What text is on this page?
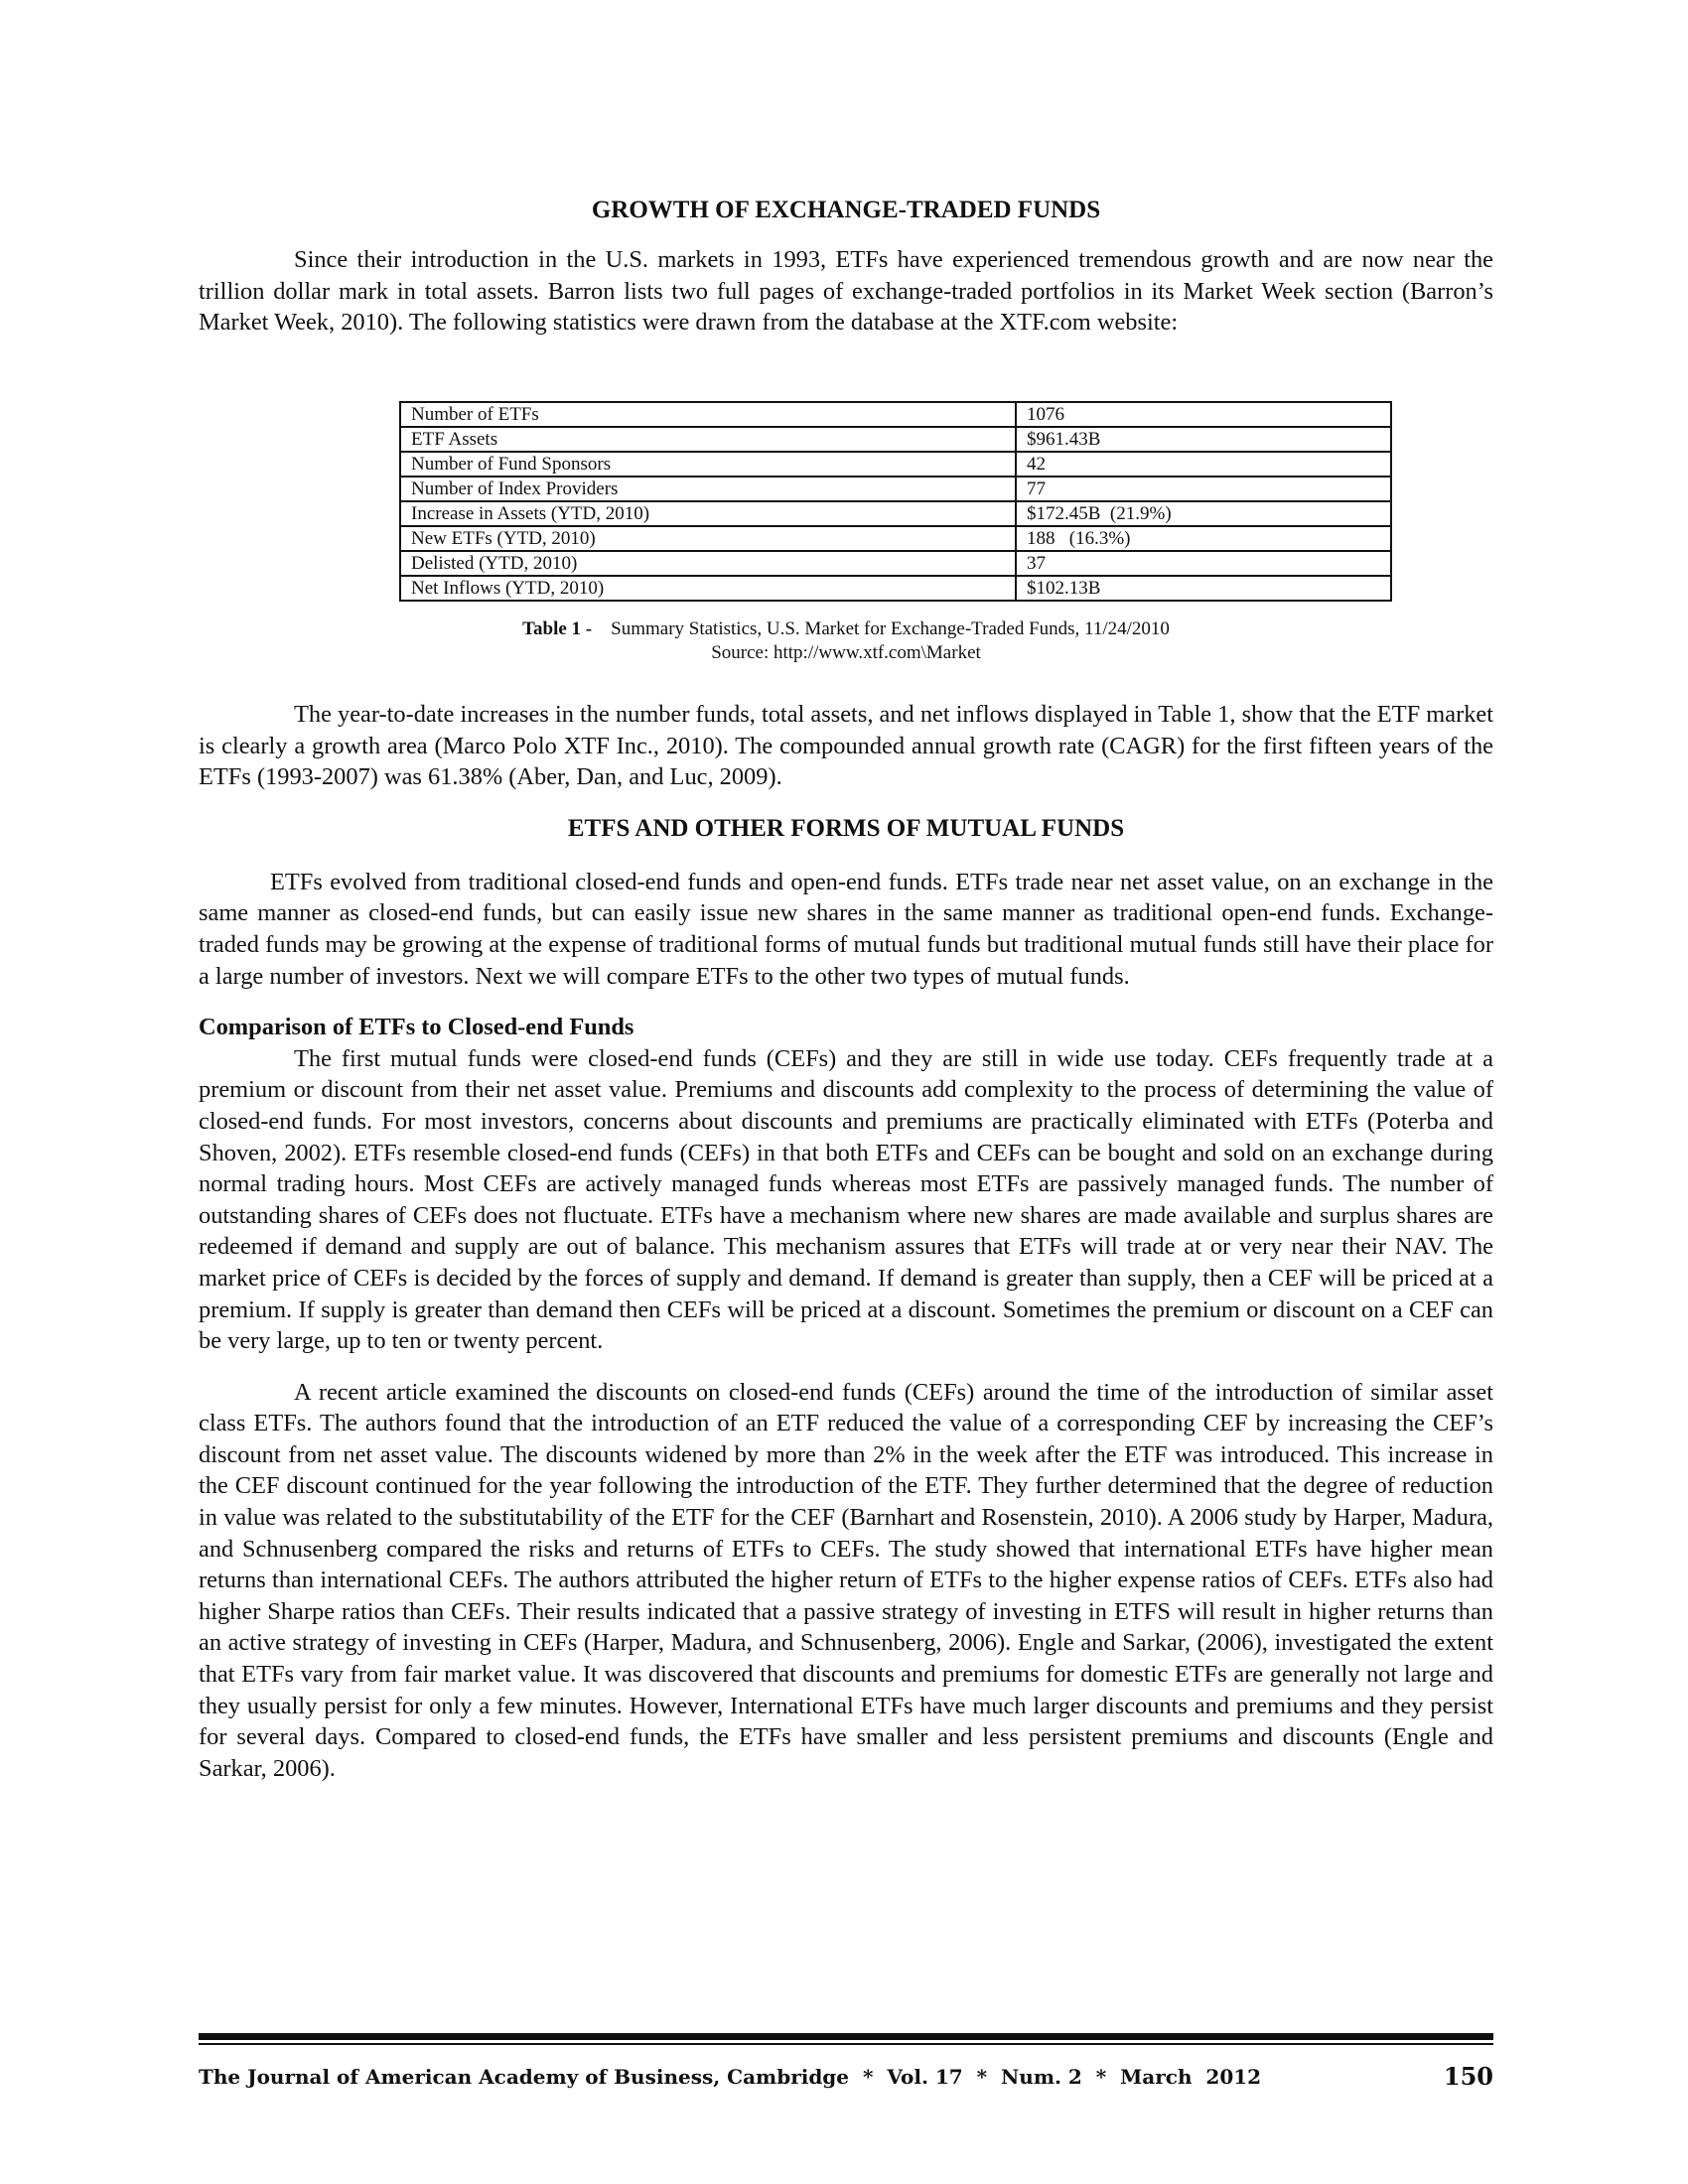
GROWTH OF EXCHANGE-TRADED FUNDS

Since their introduction in the U.S. markets in 1993, ETFs have experienced tremendous growth and are now near the trillion dollar mark in total assets. Barron lists two full pages of exchange-traded portfolios in its Market Week section (Barron’s Market Week, 2010). The following statistics were drawn from the database at the XTF.com website:

Number of ETFs	1076
ETF Assets	$961.43B
Number of Fund Sponsors	42
Number of Index Providers	77
Increase in Assets (YTD, 2010)	$172.45B  (21.9%)
New ETFs (YTD, 2010)	188   (16.3%)
Delisted (YTD, 2010)	37
Net Inflows (YTD, 2010)	$102.13B
Table 1 - Summary Statistics, U.S. Market for Exchange-Traded Funds, 11/24/2010
Source: http://www.xtf.com\Market

The year-to-date increases in the number funds, total assets, and net inflows displayed in Table 1, show that the ETF market is clearly a growth area (Marco Polo XTF Inc., 2010). The compounded annual growth rate (CAGR) for the first fifteen years of the ETFs (1993-2007) was 61.38% (Aber, Dan, and Luc, 2009).

ETFS AND OTHER FORMS OF MUTUAL FUNDS

ETFs evolved from traditional closed-end funds and open-end funds. ETFs trade near net asset value, on an exchange in the same manner as closed-end funds, but can easily issue new shares in the same manner as traditional open-end funds. Exchange-traded funds may be growing at the expense of traditional forms of mutual funds but traditional mutual funds still have their place for a large number of investors. Next we will compare ETFs to the other two types of mutual funds.

Comparison of ETFs to Closed-end Funds

The first mutual funds were closed-end funds (CEFs) and they are still in wide use today. CEFs frequently trade at a premium or discount from their net asset value. Premiums and discounts add complexity to the process of determining the value of closed-end funds. For most investors, concerns about discounts and premiums are practically eliminated with ETFs (Poterba and Shoven, 2002). ETFs resemble closed-end funds (CEFs) in that both ETFs and CEFs can be bought and sold on an exchange during normal trading hours. Most CEFs are actively managed funds whereas most ETFs are passively managed funds. The number of outstanding shares of CEFs does not fluctuate. ETFs have a mechanism where new shares are made available and surplus shares are redeemed if demand and supply are out of balance. This mechanism assures that ETFs will trade at or very near their NAV. The market price of CEFs is decided by the forces of supply and demand. If demand is greater than supply, then a CEF will be priced at a premium. If supply is greater than demand then CEFs will be priced at a discount. Sometimes the premium or discount on a CEF can be very large, up to ten or twenty percent.

A recent article examined the discounts on closed-end funds (CEFs) around the time of the introduction of similar asset class ETFs. The authors found that the introduction of an ETF reduced the value of a corresponding CEF by increasing the CEF’s discount from net asset value. The discounts widened by more than 2% in the week after the ETF was introduced. This increase in the CEF discount continued for the year following the introduction of the ETF. They further determined that the degree of reduction in value was related to the substitutability of the ETF for the CEF (Barnhart and Rosenstein, 2010). A 2006 study by Harper, Madura, and Schnusenberg compared the risks and returns of ETFs to CEFs. The study showed that international ETFs have higher mean returns than international CEFs. The authors attributed the higher return of ETFs to the higher expense ratios of CEFs. ETFs also had higher Sharpe ratios than CEFs. Their results indicated that a passive strategy of investing in ETFS will result in higher returns than an active strategy of investing in CEFs (Harper, Madura, and Schnusenberg, 2006). Engle and Sarkar, (2006), investigated the extent that ETFs vary from fair market value. It was discovered that discounts and premiums for domestic ETFs are generally not large and they usually persist for only a few minutes. However, International ETFs have much larger discounts and premiums and they persist for several days. Compared to closed-end funds, the ETFs have smaller and less persistent premiums and discounts (Engle and Sarkar, 2006).

The Journal of American Academy of Business, Cambridge  *  Vol. 17  *  Num. 2  *  March  2012	150
